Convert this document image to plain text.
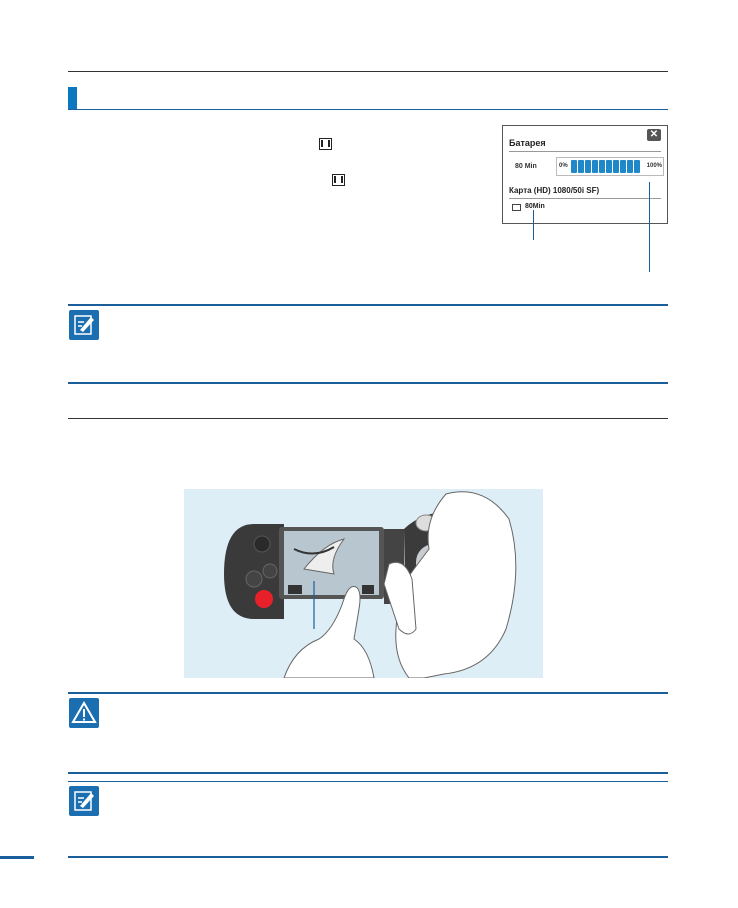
✕
Батарея
80 Min	0%	100%
Карта (HD) 1080/50i SF)
80Min
